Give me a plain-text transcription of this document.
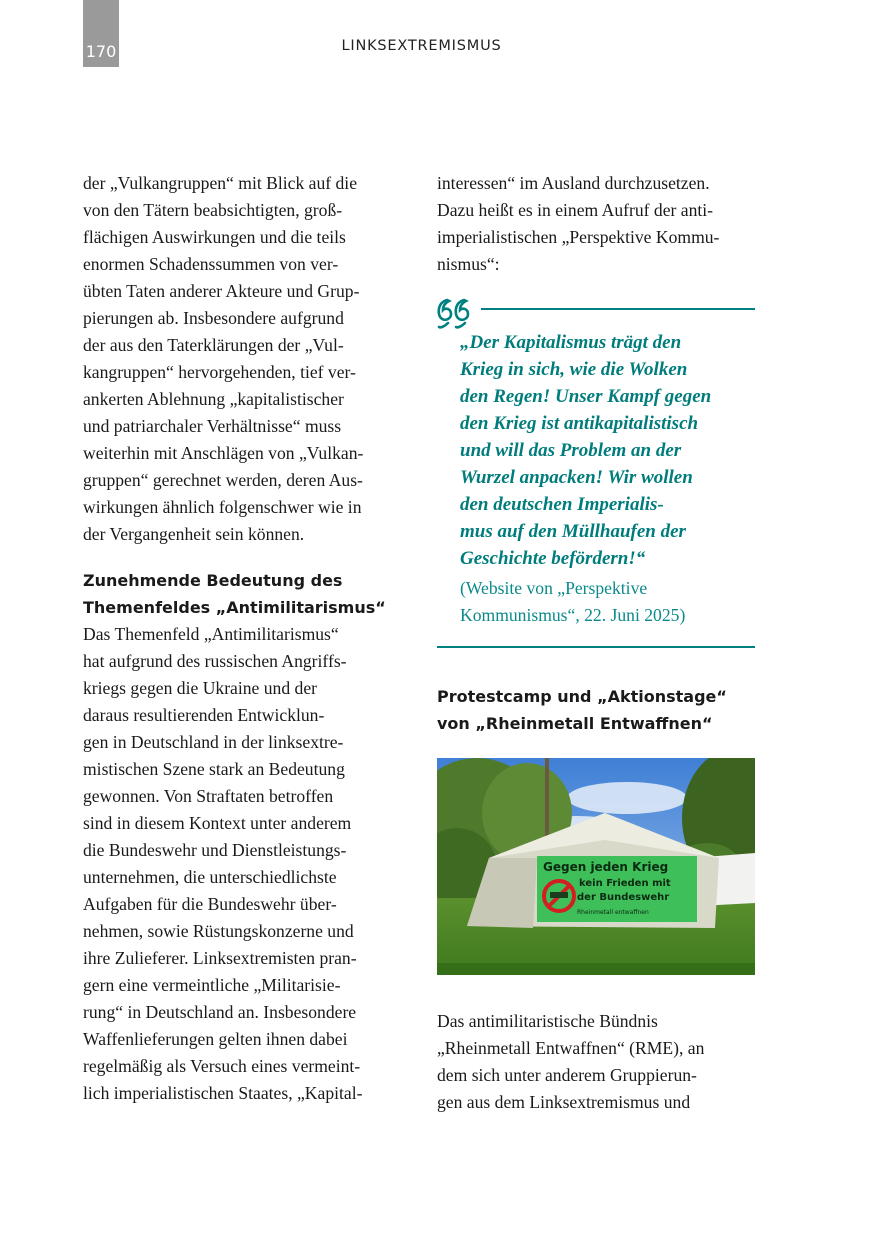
170	LINKSEXTREMISMUS
der „Vulkangruppen“ mit Blick auf die
von den Tätern beabsichtigten, groß-
flächigen Auswirkungen und die teils
enormen Schadenssummen von ver-
übten Taten anderer Akteure und Grup-
pierungen ab. Insbesondere aufgrund
der aus den Taterklärungen der „Vul-
kangruppen“ hervorgehenden, tief ver-
ankerten Ablehnung „kapitalistischer
und patriarchaler Verhältnisse“ muss
weiterhin mit Anschlägen von „Vulkan-
gruppen“ gerechnet werden, deren Aus-
wirkungen ähnlich folgenschwer wie in
der Vergangenheit sein können.
Zunehmende Bedeutung des
Themenfeldes „Antimilitarismus“
Das Themenfeld „Antimilitarismus“
hat aufgrund des russischen Angriffs-
kriegs gegen die Ukraine und der
daraus resultierenden Entwicklun-
gen in Deutschland in der linksextre-
mistischen Szene stark an Bedeutung
gewonnen. Von Straftaten betroffen
sind in diesem Kontext unter anderem
die Bundeswehr und Dienstleistungs-
unternehmen, die unterschiedlichste
Aufgaben für die Bundeswehr über-
nehmen, sowie Rüstungskonzerne und
ihre Zulieferer. Linksextremisten pran-
gern eine vermeintliche „Militarisie-
rung“ in Deutschland an. Insbesondere
Waffenlieferungen gelten ihnen dabei
regelmäßig als Versuch eines vermeint-
lich imperialistischen Staates, „Kapital-
interessen“ im Ausland durchzusetzen.
Dazu heißt es in einem Aufruf der anti-
imperialistischen „Perspektive Kommu-
nismus“:
„Der Kapitalismus trägt den
Krieg in sich, wie die Wolken
den Regen! Unser Kampf gegen
den Krieg ist antikapitalistisch
und will das Problem an der
Wurzel anpacken! Wir wollen
den deutschen Imperialis-
mus auf den Müllhaufen der
Geschichte befördern!“
(Website von „Perspektive
Kommunismus“, 22. Juni 2025)
Protestcamp und „Aktionstage“
von „Rheinmetall Entwaffnen“
Gegen jeden Krieg
kein Frieden mit
der Bundeswehr
Rheinmetall entwaffnen
Das antimilitaristische Bündnis
„Rheinmetall Entwaffnen“ (RME), an
dem sich unter anderem Gruppierun-
gen aus dem Linksextremismus und
